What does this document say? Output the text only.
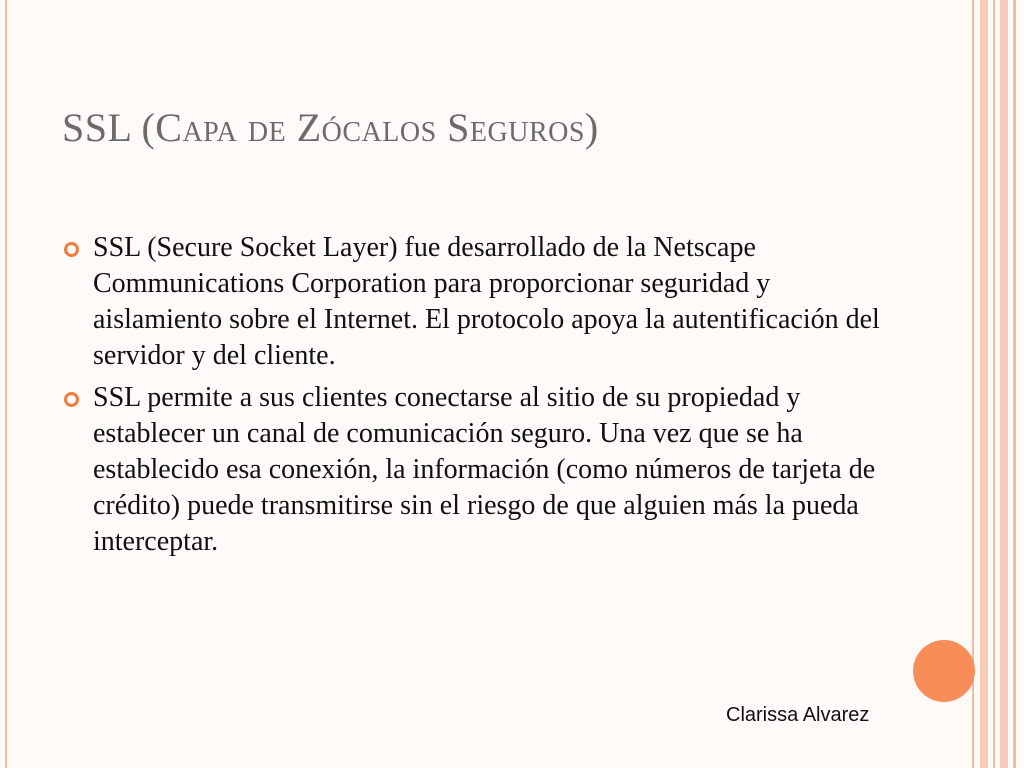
SSL (Capa de Zócalos Seguros)
SSL (Secure Socket Layer) fue desarrollado de la Netscape Communications Corporation para proporcionar seguridad y aislamiento sobre el Internet. El protocolo apoya la autentificación del servidor y del cliente.
SSL permite a sus clientes conectarse al sitio de su propiedad y establecer un canal de comunicación seguro. Una vez que se ha establecido esa conexión, la información (como números de tarjeta de crédito) puede transmitirse sin el riesgo de que alguien más la pueda interceptar.
Clarissa Alvarez
